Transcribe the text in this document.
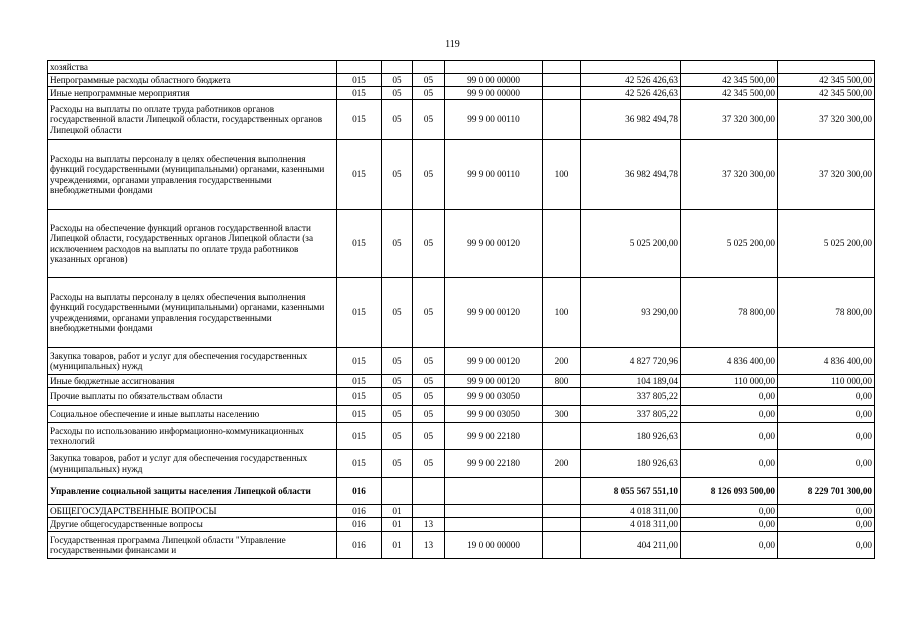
119
хозяйства								
Непрограммные расходы областного бюджета	015	05	05	99 0 00 00000		42 526 426,63	42 345 500,00	42 345 500,00
Иные непрограммные мероприятия	015	05	05	99 9 00 00000		42 526 426,63	42 345 500,00	42 345 500,00
Расходы на выплаты по оплате труда работников органов государственной власти Липецкой области, государственных органов Липецкой области	015	05	05	99 9 00 00110		36 982 494,78	37 320 300,00	37 320 300,00
Расходы на выплаты персоналу в целях обеспечения выполнения функций государственными (муниципальными) органами, казенными учреждениями, органами управления государственными внебюджетными фондами	015	05	05	99 9 00 00110	100	36 982 494,78	37 320 300,00	37 320 300,00
Расходы на обеспечение функций органов государственной власти Липецкой области, государственных органов Липецкой области (за исключением расходов на выплаты по оплате труда работников указанных органов)	015	05	05	99 9 00 00120		5 025 200,00	5 025 200,00	5 025 200,00
Расходы на выплаты персоналу в целях обеспечения выполнения функций государственными (муниципальными) органами, казенными учреждениями, органами управления государственными внебюджетными фондами	015	05	05	99 9 00 00120	100	93 290,00	78 800,00	78 800,00
Закупка товаров, работ и услуг для обеспечения государственных (муниципальных) нужд	015	05	05	99 9 00 00120	200	4 827 720,96	4 836 400,00	4 836 400,00
Иные бюджетные ассигнования	015	05	05	99 9 00 00120	800	104 189,04	110 000,00	110 000,00
Прочие выплаты по обязательствам области	015	05	05	99 9 00 03050		337 805,22	0,00	0,00
Социальное обеспечение и иные выплаты населению	015	05	05	99 9 00 03050	300	337 805,22	0,00	0,00
Расходы по использованию информационно-коммуникационных технологий	015	05	05	99 9 00 22180		180 926,63	0,00	0,00
Закупка товаров, работ и услуг для обеспечения государственных (муниципальных) нужд	015	05	05	99 9 00 22180	200	180 926,63	0,00	0,00
Управление социальной защиты населения Липецкой области	016					8 055 567 551,10	8 126 093 500,00	8 229 701 300,00
ОБЩЕГОСУДАРСТВЕННЫЕ ВОПРОСЫ	016	01				4 018 311,00	0,00	0,00
Другие общегосударственные вопросы	016	01	13			4 018 311,00	0,00	0,00
Государственная программа Липецкой области "Управление государственными финансами и	016	01	13	19 0 00 00000		404 211,00	0,00	0,00
